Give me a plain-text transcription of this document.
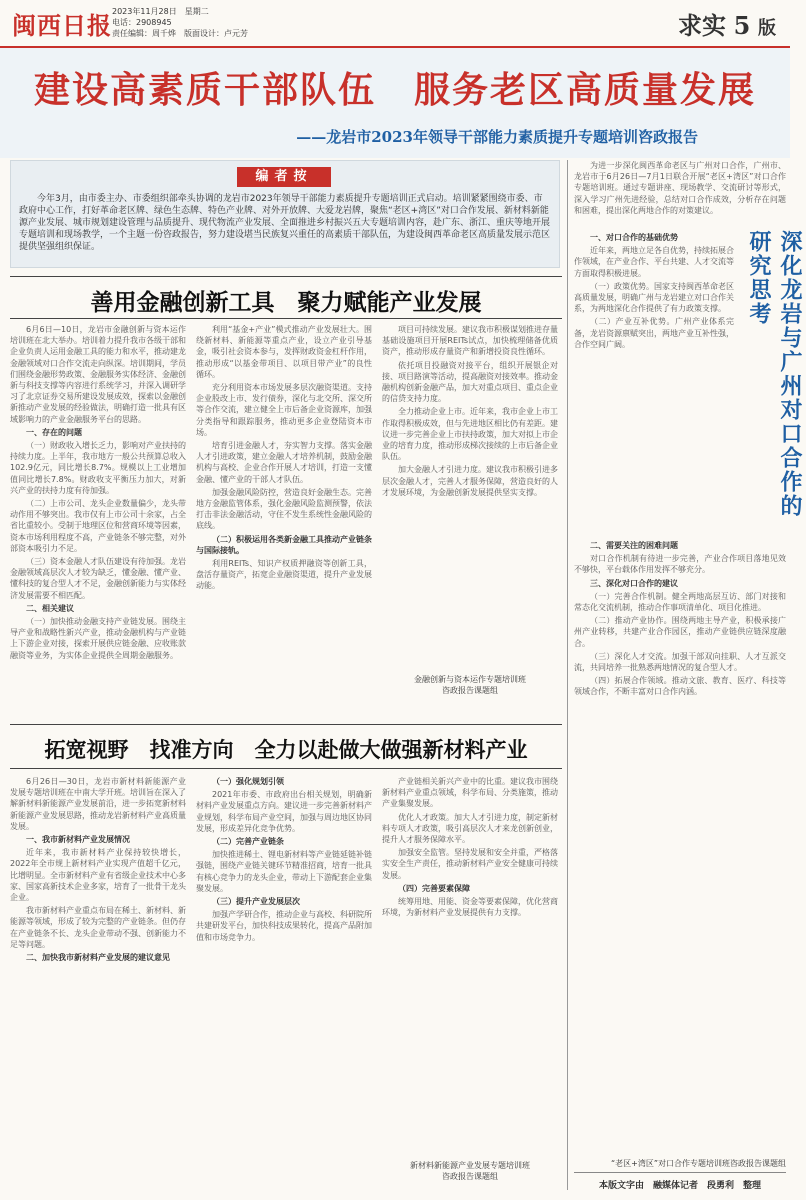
闽西日报 2023年11月28日　星期二
电话：2908945
责任编辑：周千烨　版面设计：卢元芳	求实 5 版
建设高素质干部队伍　服务老区高质量发展
——龙岩市2023年领导干部能力素质提升专题培训咨政报告
编者按
今年3月，由市委主办、市委组织部牵头协调的龙岩市2023年领导干部能力素质提升专题培训正式启动。培训紧紧围绕市委、市政府中心工作，打好革命老区牌、绿色生态牌、特色产业牌、对外开放牌、大爱龙岩牌，聚焦“老区+湾区”对口合作发展、新材料新能源产业发展、城市规划建设管理与品质提升、现代物流产业发展、全面推进乡村振兴五大专题培训内容，赴广东、浙江、重庆等地开展专题培训和现场教学，一个主题一份咨政报告，努力建设堪当民族复兴重任的高素质干部队伍，为建设闽西革命老区高质量发展示范区提供坚强组织保证。
善用金融创新工具　聚力赋能产业发展

6月6日—10日，龙岩市金融创新与资本运作培训班在北大举办。培训着力提升我市各级干部和企业负责人运用金融工具的能力和水平，推动建龙金融领域对口合作交流走向纵深。培训期间，学员们围绕金融形势政策、金融服务实体经济、金融创新与科技支撑等内容进行系统学习，并深入调研学习了北京证券交易所建设发展成效，探索以金融创新推动产业发展的经验做法，明确打造一批具有区域影响力的产业金融服务平台的思路。

一、存在的问题

（一）财政收入增长乏力，影响对产业扶持的持续力度。上半年，我市地方一般公共预算总收入102.9亿元，同比增长8.7%。规模以上工业增加值同比增长7.8%。财政收支平衡压力加大，对新兴产业的扶持力度有待加强。

（二）上市公司、龙头企业数量偏少，龙头带动作用不够突出。我市仅有上市公司十余家，占全省比重较小。受制于地理区位和营商环境等因素，资本市场利用程度不高，产业链条不够完整，对外部资本吸引力不足。

（三）资本金融人才队伍建设有待加强。龙岩金融领域高层次人才较为缺乏，懂金融、懂产业、懂科技的复合型人才不足，金融创新能力与实体经济发展需要不相匹配。

二、相关建议

（一）加快推动金融支持产业链发展。围绕主导产业和战略性新兴产业，推动金融机构与产业链上下游企业对接，探索开展供应链金融、应收账款融资等业务，为实体企业提供全周期金融服务。

利用“基金+产业”模式推动产业发展壮大。围绕新材料、新能源等重点产业，设立产业引导基金，吸引社会资本参与，发挥财政资金杠杆作用，推动形成“以基金带项目、以项目带产业”的良性循环。

充分利用资本市场发展多层次融资渠道。支持企业股改上市、发行债券，深化与北交所、深交所等合作交流，建立健全上市后备企业资源库，加强分类指导和跟踪服务，推动更多企业登陆资本市场。

培育引进金融人才，夯实智力支撑。落实金融人才引进政策，建立金融人才培养机制，鼓励金融机构与高校、企业合作开展人才培训，打造一支懂金融、懂产业的干部人才队伍。

加强金融风险防控，营造良好金融生态。完善地方金融监管体系，强化金融风险监测预警，依法打击非法金融活动，守住不发生系统性金融风险的底线。

（二）积极运用各类新金融工具推动产业链条与国际接轨。

利用REITs、知识产权质押融资等创新工具，盘活存量资产，拓宽企业融资渠道，提升产业发展动能。

项目可持续发展。建议我市积极谋划推进存量基础设施项目开展REITs试点，加快梳理储备优质资产，推动形成存量资产和新增投资良性循环。

依托项目投融资对接平台，组织开展银企对接、项目路演等活动，提高融资对接效率。推动金融机构创新金融产品，加大对重点项目、重点企业的信贷支持力度。

全力推动企业上市。近年来，我市企业上市工作取得积极成效，但与先进地区相比仍有差距。建议进一步完善企业上市扶持政策，加大对拟上市企业的培育力度，推动形成梯次接续的上市后备企业队伍。

加大金融人才引进力度。建议我市积极引进多层次金融人才，完善人才服务保障，营造良好的人才发展环境，为金融创新发展提供坚实支撑。

金融创新与资本运作专题培训班
咨政报告课题组
拓宽视野　找准方向　全力以赴做大做强新材料产业

6月26日—30日，龙岩市新材料新能源产业发展专题培训班在中南大学开班。培训旨在深入了解新材料新能源产业发展前沿，进一步拓宽新材料新能源产业发展思路，推动龙岩新材料产业高质量发展。

一、我市新材料产业发展情况

近年来，我市新材料产业保持较快增长，2022年全市规上新材料产业实现产值超千亿元，比增明显。全市新材料产业有省级企业技术中心多家、国家高新技术企业多家，培育了一批骨干龙头企业。

我市新材料产业重点布局在稀土、新材料、新能源等领域，形成了较为完整的产业链条。但仍存在产业链条不长、龙头企业带动不强、创新能力不足等问题。

二、加快我市新材料产业发展的建议意见

（一）强化规划引领

2021年市委、市政府出台相关规划，明确新材料产业发展重点方向。建议进一步完善新材料产业规划，科学布局产业空间，加强与周边地区协同发展，形成差异化竞争优势。

（二）完善产业链条

加快推进稀土、锂电新材料等产业链延链补链强链，围绕产业链关键环节精准招商，培育一批具有核心竞争力的龙头企业，带动上下游配套企业集聚发展。

（三）提升产业发展层次

加强产学研合作，推动企业与高校、科研院所共建研发平台，加快科技成果转化，提高产品附加值和市场竞争力。

产业链相关新兴产业中的比重。建议我市围绕新材料产业重点领域，科学布局、分类施策，推动产业集聚发展。

优化人才政策。加大人才引进力度，制定新材料专项人才政策，吸引高层次人才来龙创新创业，提升人才服务保障水平。

加强安全监管。坚持发展和安全并重，严格落实安全生产责任，推动新材料产业安全健康可持续发展。

（四）完善要素保障

统筹用地、用能、资金等要素保障，优化营商环境，为新材料产业发展提供有力支撑。

新材料新能源产业发展专题培训班
咨政报告课题组

为进一步深化闽西革命老区与广州对口合作，广州市、龙岩市于6月26日—7月1日联合开展“老区+湾区”对口合作专题培训班。通过专题讲座、现场教学、交流研讨等形式，深入学习广州先进经验，总结对口合作成效，分析存在问题和困难，提出深化两地合作的对策建议。

深化龙岩与广州对口合作的研究思考

一、对口合作的基础优势

近年来，两地立足各自优势，持续拓展合作领域，在产业合作、平台共建、人才交流等方面取得积极进展。

（一）政策优势。国家支持闽西革命老区高质量发展，明确广州与龙岩建立对口合作关系，为两地深化合作提供了有力政策支撑。

（二）产业互补优势。广州产业体系完备，龙岩资源禀赋突出，两地产业互补性强，合作空间广阔。

二、需要关注的困难问题

对口合作机制有待进一步完善，产业合作项目落地见效不够快，平台载体作用发挥不够充分。

三、深化对口合作的建议

（一）完善合作机制。健全两地高层互访、部门对接和常态化交流机制，推动合作事项清单化、项目化推进。

（二）推动产业协作。围绕两地主导产业，积极承接广州产业转移，共建产业合作园区，推动产业链供应链深度融合。

（三）深化人才交流。加强干部双向挂职、人才互派交流，共同培养一批熟悉两地情况的复合型人才。

（四）拓展合作领域。推动文旅、教育、医疗、科技等领域合作，不断丰富对口合作内涵。

“老区+湾区”对口合作专题培训班咨政报告课题组
本版文字由　融媒体记者　段勇利　整理
